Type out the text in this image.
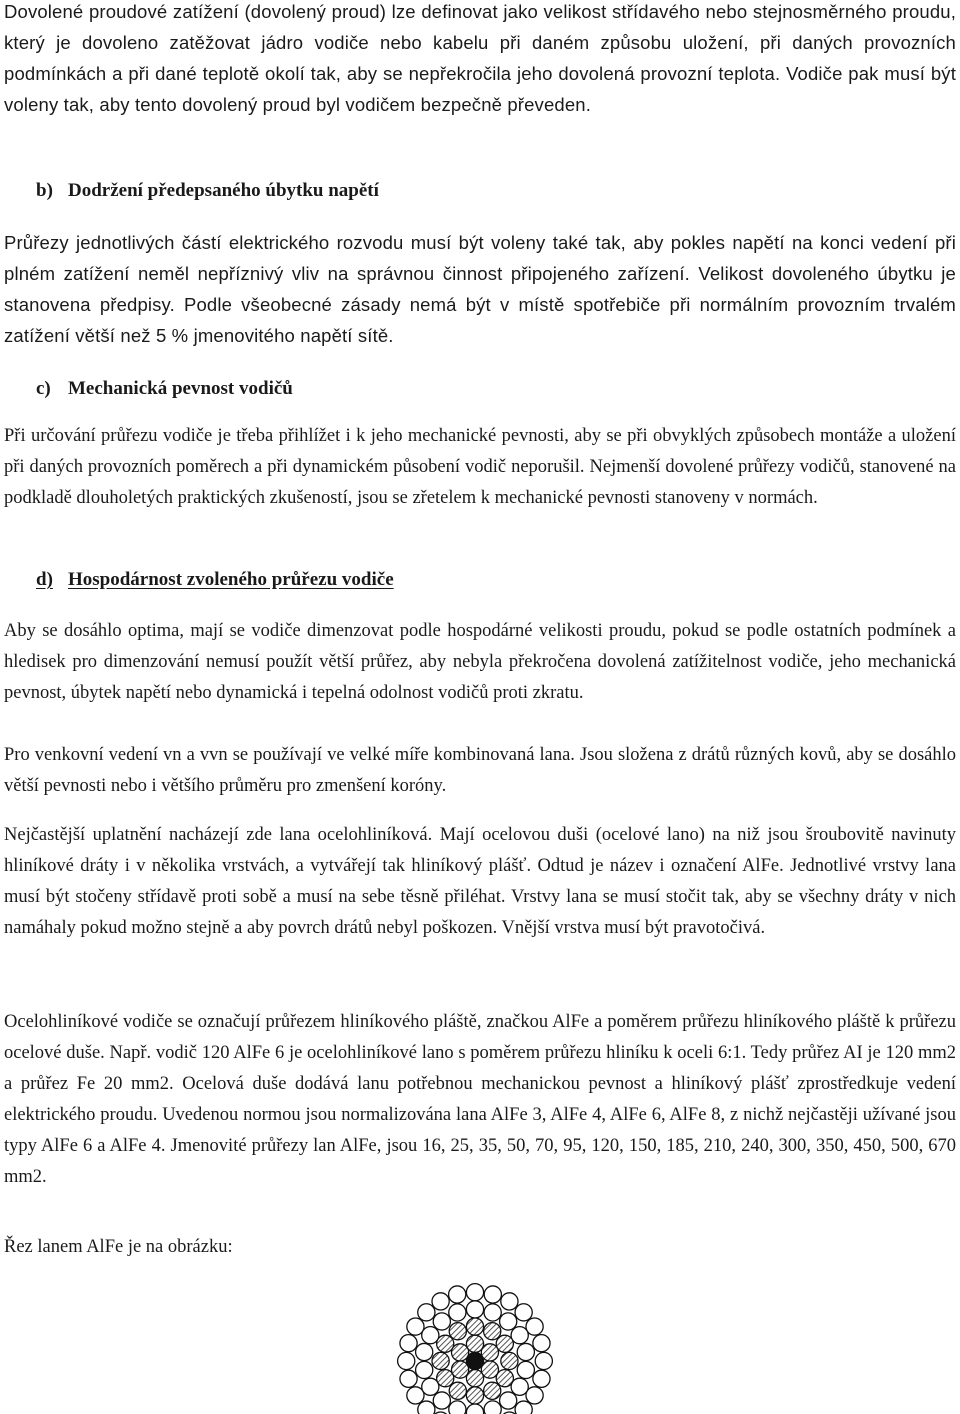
Dovolené proudové zatížení (dovolený proud) lze definovat jako velikost střídavého nebo stejnosměrného proudu, který je dovoleno zatěžovat jádro vodiče nebo kabelu při daném způsobu uložení, při daných provozních podmínkách a při dané teplotě okolí tak, aby se nepřekročila jeho dovolená provozní teplota. Vodiče pak musí být voleny tak, aby tento dovolený proud byl vodičem bezpečně převeden.

b) Dodržení předepsaného úbytku napětí

Průřezy jednotlivých částí elektrického rozvodu musí být voleny také tak, aby pokles napětí na konci vedení při plném zatížení neměl nepříznivý vliv na správnou činnost připojeného zařízení. Velikost dovoleného úbytku je stanovena předpisy. Podle všeobecné zásady nemá být v místě spotřebiče při normálním provozním trvalém zatížení větší než 5 % jmenovitého napětí sítě.

c) Mechanická pevnost vodičů

Při určování průřezu vodiče je třeba přihlížet i k jeho mechanické pevnosti, aby se při obvyklých způsobech montáže a uložení při daných provozních poměrech a při dynamickém působení vodič neporušil. Nejmenší dovolené průřezy vodičů, stanovené na podkladě dlouholetých praktických zkušeností, jsou se zřetelem k mechanické pevnosti stanoveny v normách.

d) Hospodárnost zvoleného průřezu vodiče

Aby se dosáhlo optima, mají se vodiče dimenzovat podle hospodárné velikosti proudu, pokud se podle ostatních podmínek a hledisek pro dimenzování nemusí použít větší průřez, aby nebyla překročena dovolená zatížitelnost vodiče, jeho mechanická pevnost, úbytek napětí nebo dynamická i tepelná odolnost vodičů proti zkratu.

Pro venkovní vedení vn a vvn se používají ve velké míře kombinovaná lana. Jsou složena z drátů různých kovů, aby se dosáhlo větší pevnosti nebo i většího průměru pro zmenšení koróny.

Nejčastější uplatnění nacházejí zde lana ocelohliníková. Mají ocelovou duši (ocelové lano) na niž jsou šroubovitě navinuty hliníkové dráty i v několika vrstvách, a vytvářejí tak hliníkový plášť. Odtud je název i označení AlFe. Jednotlivé vrstvy lana musí být stočeny střídavě proti sobě a musí na sebe těsně přiléhat. Vrstvy lana se musí stočit tak, aby se všechny dráty v nich namáhaly pokud možno stejně a aby povrch drátů nebyl poškozen. Vnější vrstva musí být pravotočivá.

Ocelohliníkové vodiče se označují průřezem hliníkového pláště, značkou AlFe a poměrem průřezu hliníkového pláště k průřezu ocelové duše. Např. vodič 120 AlFe 6 je ocelohliníkové lano s poměrem průřezu hliníku k oceli 6:1. Tedy průřez AI je 120 mm2 a průřez Fe 20 mm2. Ocelová duše dodává lanu potřebnou mechanickou pevnost a hliníkový plášť zprostředkuje vedení elektrického proudu. Uvedenou normou jsou normalizována lana AlFe 3, AlFe 4, AlFe 6, AlFe 8, z nichž nejčastěji užívané jsou typy AlFe 6 a AlFe 4. Jmenovité průřezy lan AlFe, jsou 16, 25, 35, 50, 70, 95, 120, 150, 185, 210, 240, 300, 350, 450, 500, 670 mm2.

Řez lanem AlFe je na obrázku:
